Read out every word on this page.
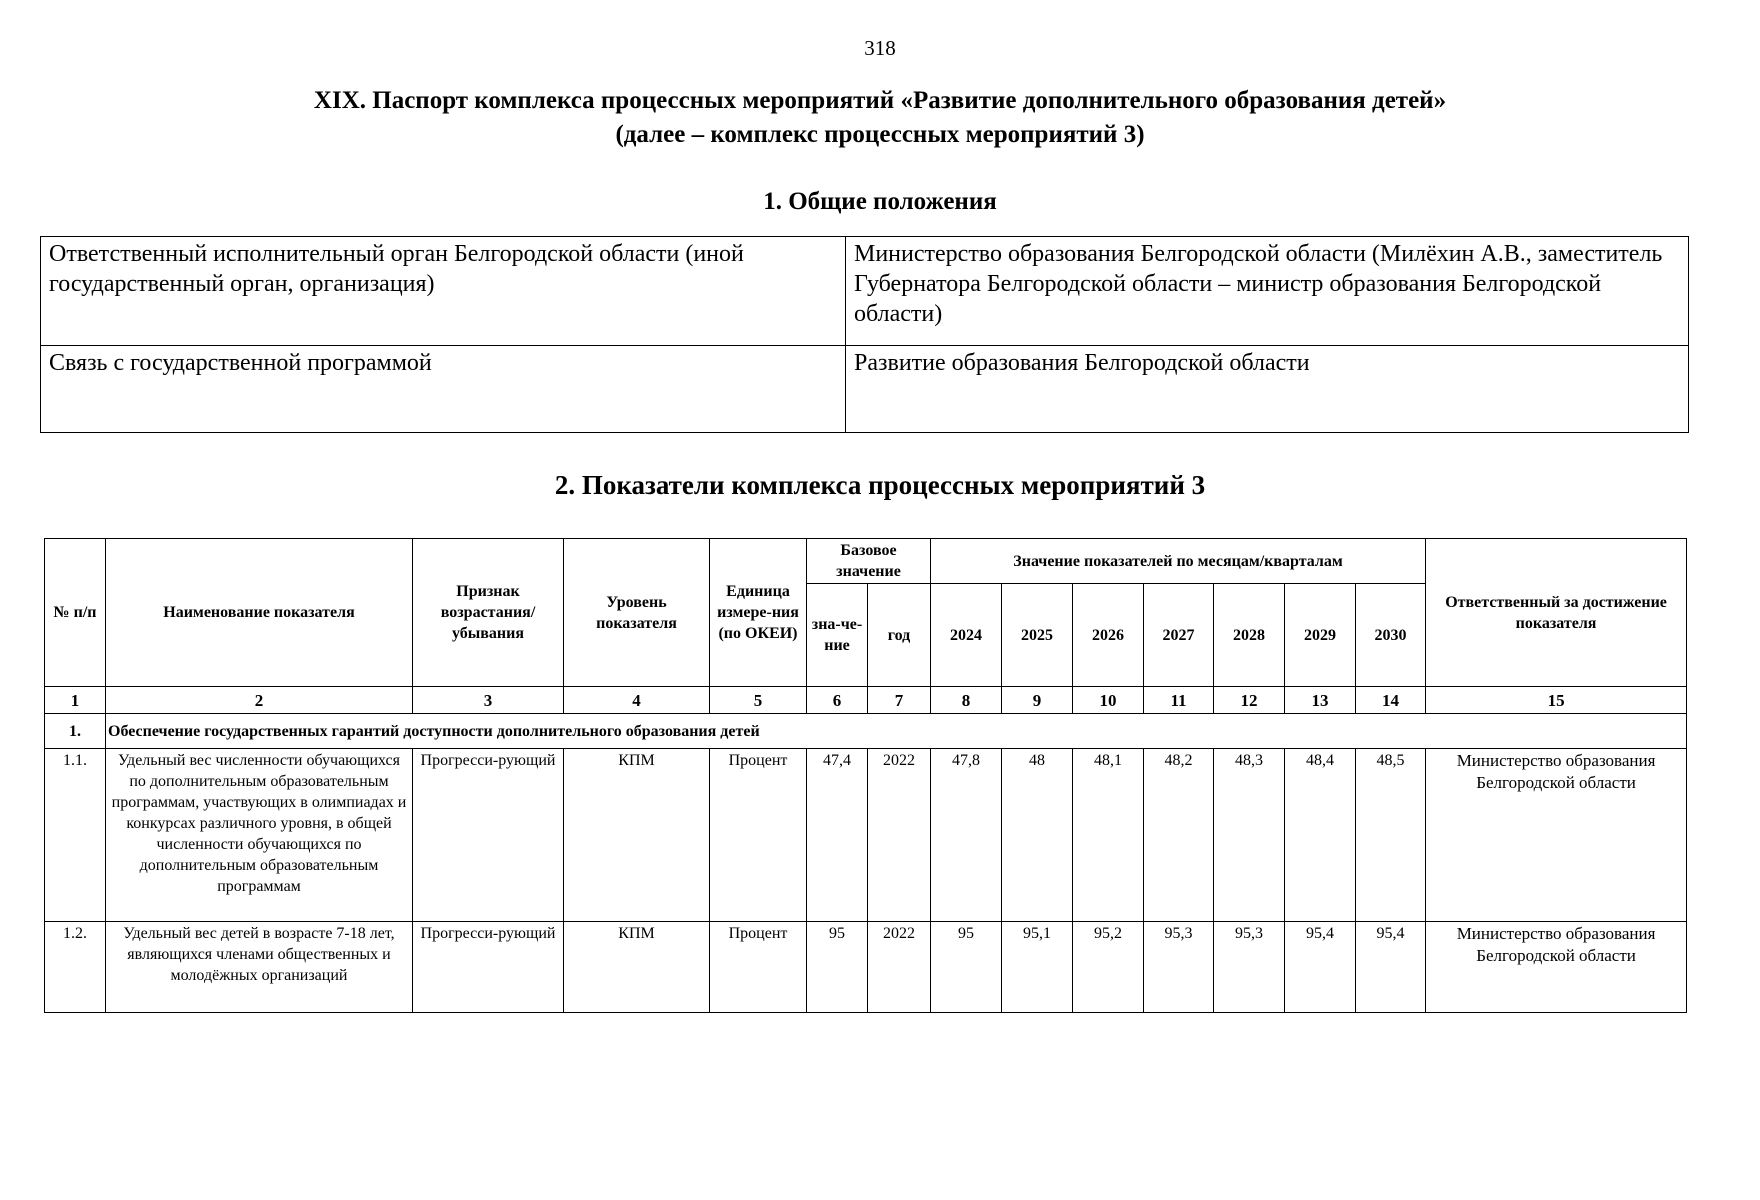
318
XIX. Паспорт комплекса процессных мероприятий «Развитие дополнительного образования детей»
(далее – комплекс процессных мероприятий 3)
1. Общие положения
Ответственный исполнительный орган Белгородской области (иной государственный орган, организация)	Министерство образования Белгородской области (Милёхин А.В., заместитель Губернатора Белгородской области – министр образования Белгородской области)
Связь с государственной программой	Развитие образования Белгородской области
2. Показатели комплекса процессных мероприятий 3
№ п/п	Наименование показателя	Признак возрастания/ убывания	Уровень показателя	Единица измере-ния (по ОКЕИ)	Базовое значение		Значение показателей по месяцам/кварталам							Ответственный за достижение показателя
					зна-че-ние	год	2024	2025	2026	2027	2028	2029	2030	
1	2	3	4	5	6	7	8	9	10	11	12	13	14	15
1.	Обеспечение государственных гарантий доступности дополнительного образования детей													
1.1.	Удельный вес численности обучающихся по дополнительным образовательным программам, участвующих в олимпиадах и конкурсах различного уровня, в общей численности обучающихся по дополнительным образовательным программам	Прогресси-рующий	КПМ	Процент	47,4	2022	47,8	48	48,1	48,2	48,3	48,4	48,5	Министерство образования Белгородской области
1.2.	Удельный вес детей в возрасте 7-18 лет, являющихся членами общественных и молодёжных организаций	Прогресси-рующий	КПМ	Процент	95	2022	95	95,1	95,2	95,3	95,3	95,4	95,4	Министерство образования Белгородской области
